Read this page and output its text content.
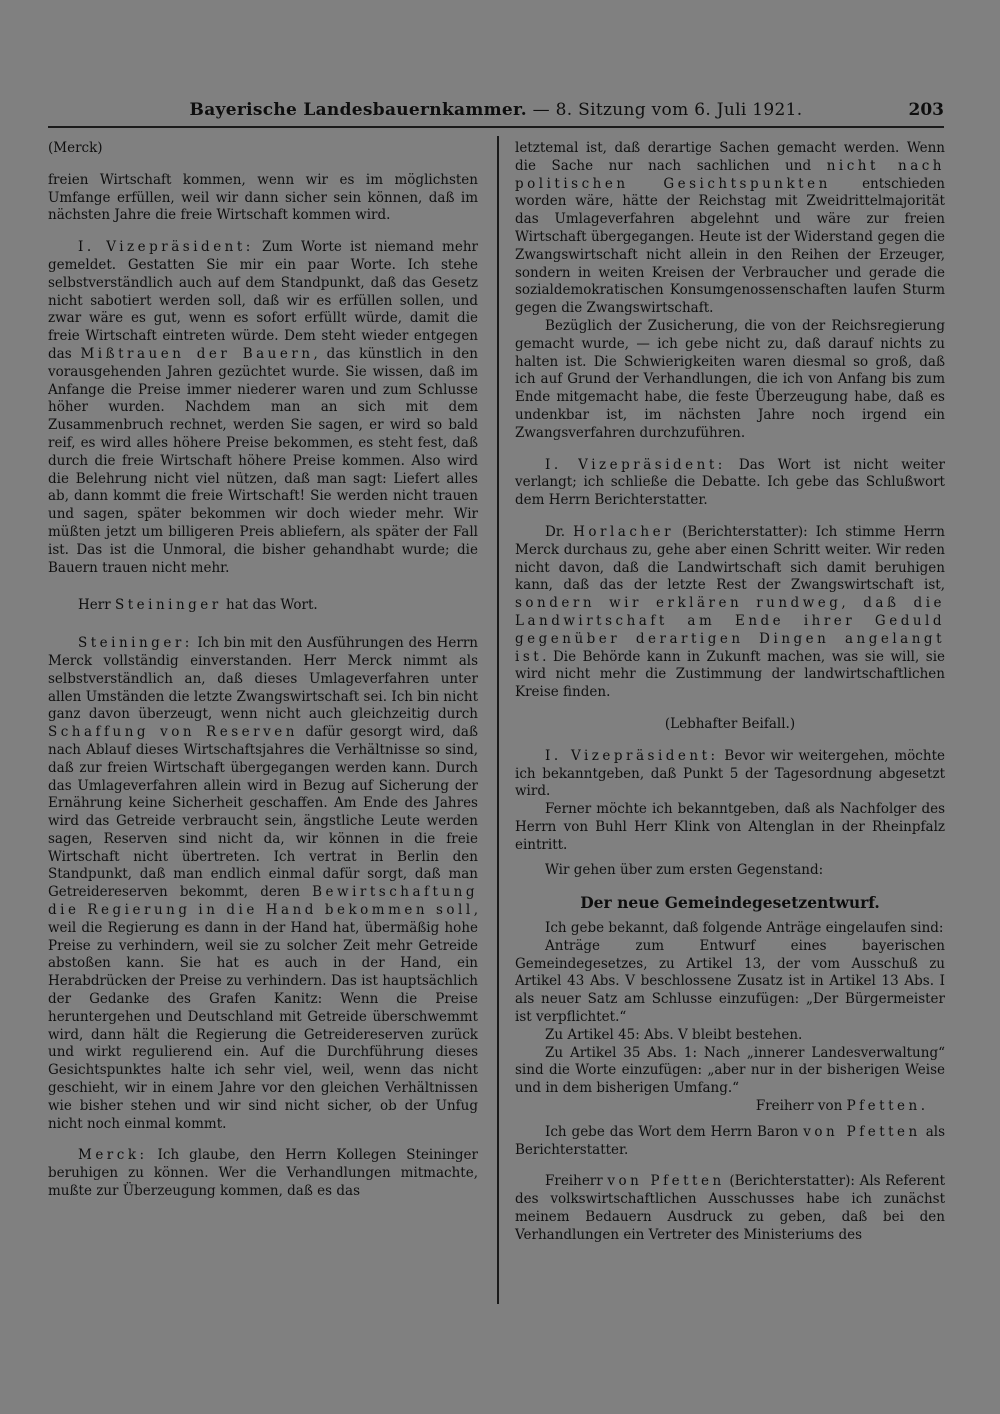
Bayerische Landesbauernkammer. — 8. Sitzung vom 6. Juli 1921.	203

(Merck)

freien Wirtschaft kommen, wenn wir es im möglichsten Umfange erfüllen, weil wir dann sicher sein können, daß im nächsten Jahre die freie Wirtschaft kommen wird.

I. Vizepräsident: Zum Worte ist niemand mehr gemeldet. Gestatten Sie mir ein paar Worte. Ich stehe selbstverständlich auch auf dem Standpunkt, daß das Gesetz nicht sabotiert werden soll, daß wir es erfüllen sollen, und zwar wäre es gut, wenn es sofort erfüllt würde, damit die freie Wirtschaft eintreten würde. Dem steht wieder entgegen das Mißtrauen der Bauern, das künstlich in den vorausgehenden Jahren gezüchtet wurde. Sie wissen, daß im Anfange die Preise immer niederer waren und zum Schlusse höher wurden. Nachdem man an sich mit dem Zusammenbruch rechnet, werden Sie sagen, er wird so bald reif, es wird alles höhere Preise bekommen, es steht fest, daß durch die freie Wirtschaft höhere Preise kommen. Also wird die Belehrung nicht viel nützen, daß man sagt: Liefert alles ab, dann kommt die freie Wirtschaft! Sie werden nicht trauen und sagen, später bekommen wir doch wieder mehr. Wir müßten jetzt um billigeren Preis abliefern, als später der Fall ist. Das ist die Unmoral, die bisher gehandhabt wurde; die Bauern trauen nicht mehr.

Herr Steininger hat das Wort.

Steininger: Ich bin mit den Ausführungen des Herrn Merck vollständig einverstanden. Herr Merck nimmt als selbstverständlich an, daß dieses Umlageverfahren unter allen Umständen die letzte Zwangswirtschaft sei. Ich bin nicht ganz davon überzeugt, wenn nicht auch gleichzeitig durch Schaffung von Reserven dafür gesorgt wird, daß nach Ablauf dieses Wirtschaftsjahres die Verhältnisse so sind, daß zur freien Wirtschaft übergegangen werden kann. Durch das Umlageverfahren allein wird in Bezug auf Sicherung der Ernährung keine Sicherheit geschaffen. Am Ende des Jahres wird das Getreide verbraucht sein, ängstliche Leute werden sagen, Reserven sind nicht da, wir können in die freie Wirtschaft nicht übertreten. Ich vertrat in Berlin den Standpunkt, daß man endlich einmal dafür sorgt, daß man Getreidereserven bekommt, deren Bewirtschaftung die Regierung in die Hand bekommen soll, weil die Regierung es dann in der Hand hat, übermäßig hohe Preise zu verhindern, weil sie zu solcher Zeit mehr Getreide abstoßen kann. Sie hat es auch in der Hand, ein Herabdrücken der Preise zu verhindern. Das ist hauptsächlich der Gedanke des Grafen Kanitz: Wenn die Preise heruntergehen und Deutschland mit Getreide überschwemmt wird, dann hält die Regierung die Getreidereserven zurück und wirkt regulierend ein. Auf die Durchführung dieses Gesichtspunktes halte ich sehr viel, weil, wenn das nicht geschieht, wir in einem Jahre vor den gleichen Verhältnissen wie bisher stehen und wir sind nicht sicher, ob der Unfug nicht noch einmal kommt.

Merck: Ich glaube, den Herrn Kollegen Steininger beruhigen zu können. Wer die Verhandlungen mitmachte, mußte zur Überzeugung kommen, daß es das

letztemal ist, daß derartige Sachen gemacht werden. Wenn die Sache nur nach sachlichen und nicht nach politischen Gesichtspunkten entschieden worden wäre, hätte der Reichstag mit Zweidrittelmajorität das Umlageverfahren abgelehnt und wäre zur freien Wirtschaft übergegangen. Heute ist der Widerstand gegen die Zwangswirtschaft nicht allein in den Reihen der Erzeuger, sondern in weiten Kreisen der Verbraucher und gerade die sozialdemokratischen Konsumgenossenschaften laufen Sturm gegen die Zwangswirtschaft.

Bezüglich der Zusicherung, die von der Reichsregierung gemacht wurde, — ich gebe nicht zu, daß darauf nichts zu halten ist. Die Schwierigkeiten waren diesmal so groß, daß ich auf Grund der Verhandlungen, die ich von Anfang bis zum Ende mitgemacht habe, die feste Überzeugung habe, daß es undenkbar ist, im nächsten Jahre noch irgend ein Zwangsverfahren durchzuführen.

I. Vizepräsident: Das Wort ist nicht weiter verlangt; ich schließe die Debatte. Ich gebe das Schlußwort dem Herrn Berichterstatter.

Dr. Horlacher (Berichterstatter): Ich stimme Herrn Merck durchaus zu, gehe aber einen Schritt weiter. Wir reden nicht davon, daß die Landwirtschaft sich damit beruhigen kann, daß das der letzte Rest der Zwangswirtschaft ist, sondern wir erklären rundweg, daß die Landwirtschaft am Ende ihrer Geduld gegenüber derartigen Dingen angelangt ist. Die Behörde kann in Zukunft machen, was sie will, sie wird nicht mehr die Zustimmung der landwirtschaftlichen Kreise finden.

(Lebhafter Beifall.)

I. Vizepräsident: Bevor wir weitergehen, möchte ich bekanntgeben, daß Punkt 5 der Tagesordnung abgesetzt wird.

Ferner möchte ich bekanntgeben, daß als Nachfolger des Herrn von Buhl Herr Klink von Altenglan in der Rheinpfalz eintritt.

Wir gehen über zum ersten Gegenstand:

Der neue Gemeindegesetzentwurf.

Ich gebe bekannt, daß folgende Anträge eingelaufen sind:

Anträge zum Entwurf eines bayerischen Gemeindegesetzes, zu Artikel 13, der vom Ausschuß zu Artikel 43 Abs. V beschlossene Zusatz ist in Artikel 13 Abs. I als neuer Satz am Schlusse einzufügen: „Der Bürgermeister ist verpflichtet.“

Zu Artikel 45: Abs. V bleibt bestehen.

Zu Artikel 35 Abs. 1: Nach „innerer Landesverwaltung“ sind die Worte einzufügen: „aber nur in der bisherigen Weise und in dem bisherigen Umfang.“

Freiherr von Pfetten.

Ich gebe das Wort dem Herrn Baron von Pfetten als Berichterstatter.

Freiherr von Pfetten (Berichterstatter): Als Referent des volkswirtschaftlichen Ausschusses habe ich zunächst meinem Bedauern Ausdruck zu geben, daß bei den Verhandlungen ein Vertreter des Ministeriums des
